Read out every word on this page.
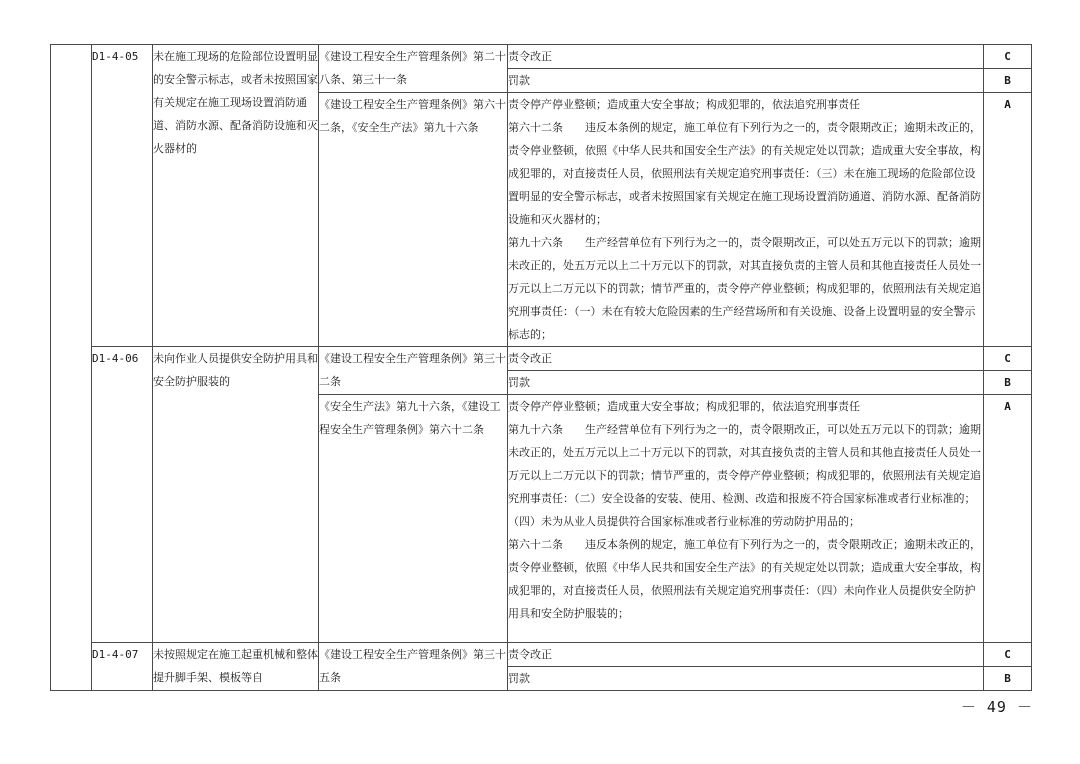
	D1-4-05	未在施工现场的危险部位设置明显的安全警示标志，或者未按照国家有关规定在施工现场设置消防通道、消防水源、配备消防设施和灭火器材的	《建设工程安全生产管理条例》第二十八条、第三十一条	责令改正	C
				罚款	B
			《建设工程安全生产管理条例》第六十二条，《安全生产法》第九十六条	责令停产停业整顿；造成重大安全事故；构成犯罪的，依法追究刑事责任
第六十二条　　违反本条例的规定，施工单位有下列行为之一的，责令限期改正；逾期未改正的，责令停业整顿，依照《中华人民共和国安全生产法》的有关规定处以罚款；造成重大安全事故，构成犯罪的，对直接责任人员，依照刑法有关规定追究刑事责任：（三）未在施工现场的危险部位设置明显的安全警示标志，或者未按照国家有关规定在施工现场设置消防通道、消防水源、配备消防设施和灭火器材的；
第九十六条　　生产经营单位有下列行为之一的，责令限期改正，可以处五万元以下的罚款；逾期未改正的，处五万元以上二十万元以下的罚款，对其直接负责的主管人员和其他直接责任人员处一万元以上二万元以下的罚款；情节严重的，责令停产停业整顿；构成犯罪的，依照刑法有关规定追究刑事责任：（一）未在有较大危险因素的生产经营场所和有关设施、设备上设置明显的安全警示标志的；	A
	D1-4-06	未向作业人员提供安全防护用具和安全防护服装的	《建设工程安全生产管理条例》第三十二条	责令改正	C
				罚款	B
			《安全生产法》第九十六条，《建设工程安全生产管理条例》第六十二条	责令停产停业整顿；造成重大安全事故；构成犯罪的，依法追究刑事责任
第九十六条　　生产经营单位有下列行为之一的，责令限期改正，可以处五万元以下的罚款；逾期未改正的，处五万元以上二十万元以下的罚款，对其直接负责的主管人员和其他直接责任人员处一万元以上二万元以下的罚款；情节严重的，责令停产停业整顿；构成犯罪的，依照刑法有关规定追究刑事责任：（二）安全设备的安装、使用、检测、改造和报废不符合国家标准或者行业标准的；（四）未为从业人员提供符合国家标准或者行业标准的劳动防护用品的；
第六十二条　　违反本条例的规定，施工单位有下列行为之一的，责令限期改正；逾期未改正的，责令停业整顿，依照《中华人民共和国安全生产法》的有关规定处以罚款；造成重大安全事故，构成犯罪的，对直接责任人员，依照刑法有关规定追究刑事责任：（四）未向作业人员提供安全防护用具和安全防护服装的；	A
	D1-4-07	未按照规定在施工起重机械和整体提升脚手架、模板等自	《建设工程安全生产管理条例》第三十五条	责令改正	C
				罚款	B
－ 49 －
